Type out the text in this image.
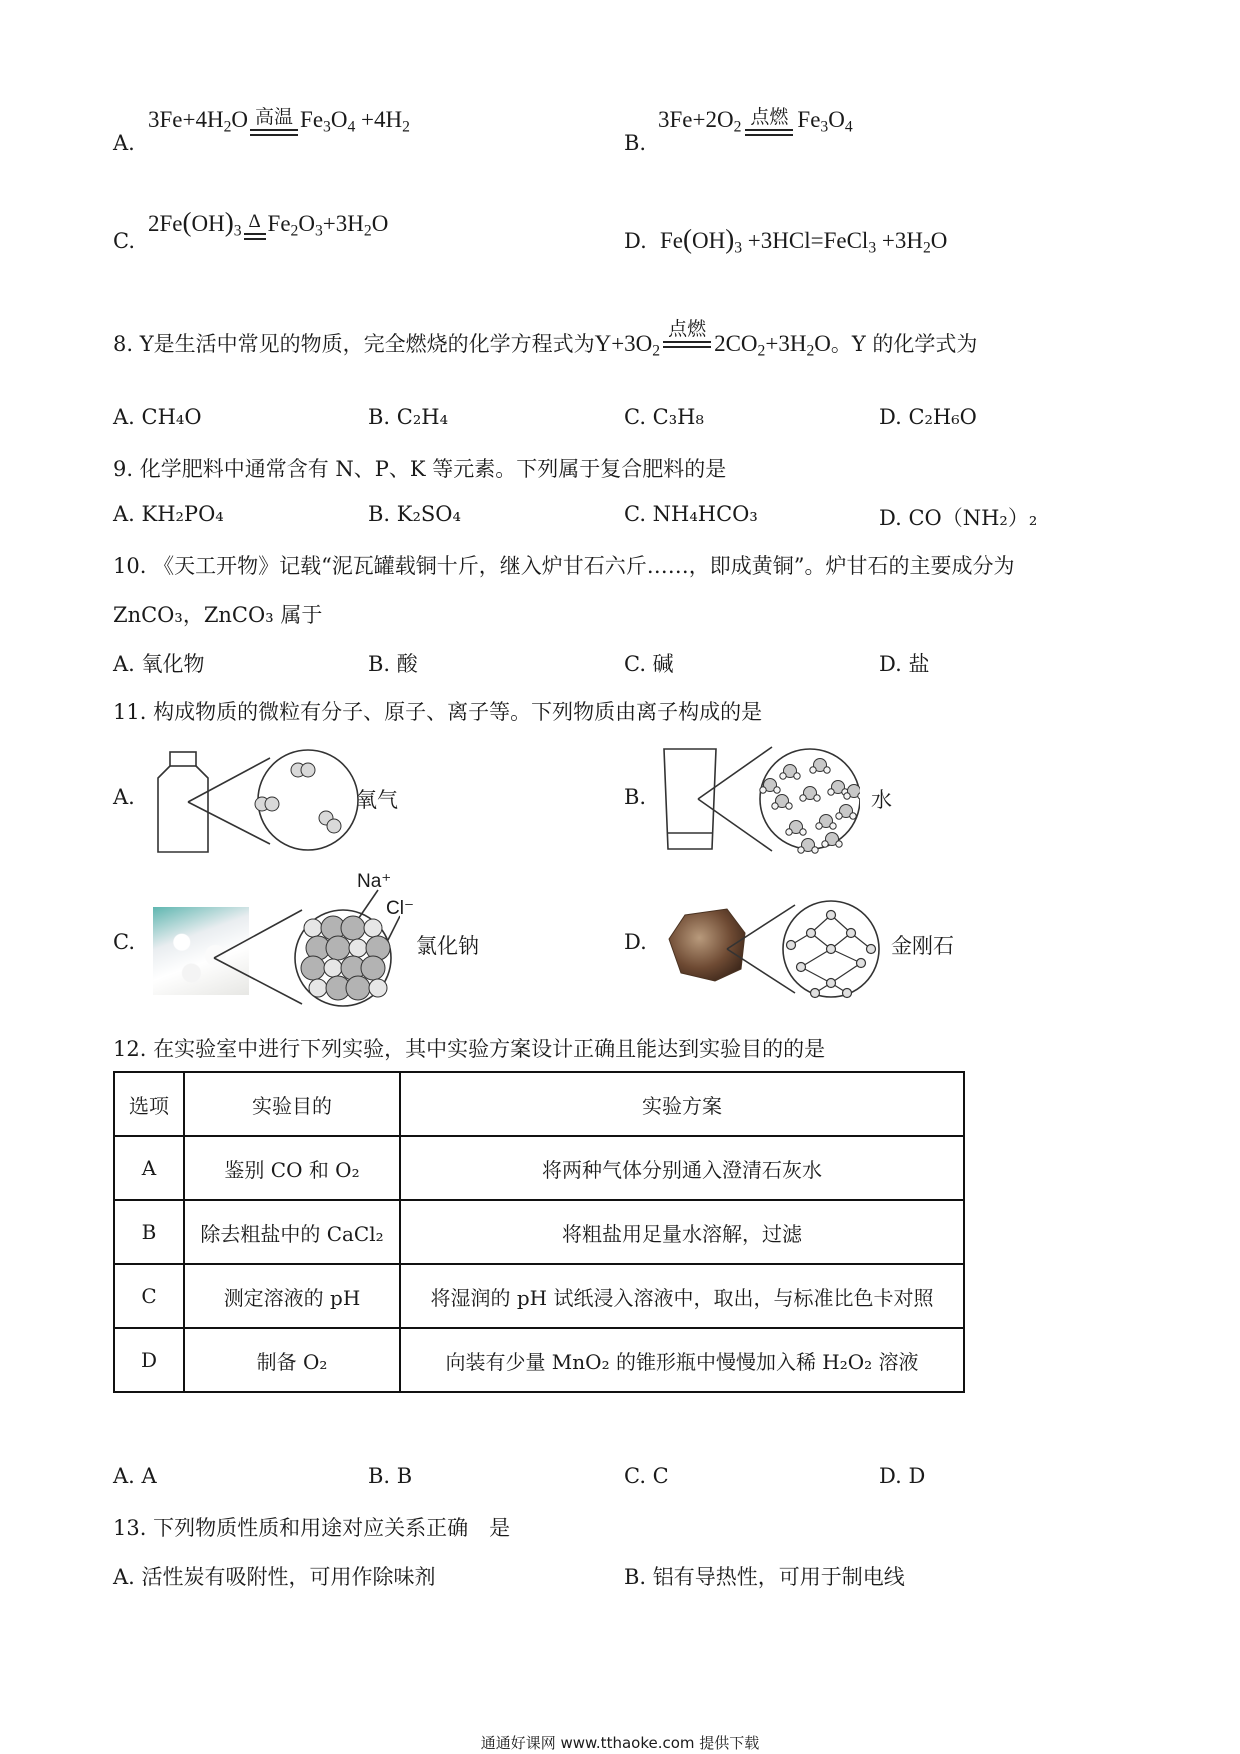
A.
$3Fe+4H_2O$ 高温 $Fe_3O_4 +4H_2$
B.
$3Fe+2O_2$ 点燃 $Fe_3O_4$
C.
$2Fe(OH)_3$ Δ $Fe_2O_3+3H_2O$
D. $Fe(OH)_3$ +3HCl=FeCl$_3$ $+3H_2O$
8. Y是生活中常见的物质，完全燃烧的化学方程式为$Y+3O_2$
点燃
$2CO_2+3H_2O$。Y 的化学式为
A. CH₄O	B. C₂H₄	C. C₃H₈	D. C₂H₆O
9. 化学肥料中通常含有 N、P、K 等元素。下列属于复合肥料的是
A. KH₂PO₄	B. K₂SO₄	C. NH₄HCO₃	D. CO（NH₂）₂
10. 《天工开物》记载“泥瓦罐载铜十斤，继入炉甘石六斤……，即成黄铜”。炉甘石的主要成分为
ZnCO₃，ZnCO₃ 属于
A. 氧化物	B. 酸	C. 碱	D. 盐
11. 构成物质的微粒有分子、原子、离子等。下列物质由离子构成的是
A.	氧气	B.	水
C.
Na⁺
Cl⁻
氯化钠	D.	金刚石
12. 在实验室中进行下列实验，其中实验方案设计正确且能达到实验目的的是
选项	实验目的	实验方案
A	鉴别 CO 和 O₂	将两种气体分别通入澄清石灰水
B	除去粗盐中的 CaCl₂	将粗盐用足量水溶解，过滤
C	测定溶液的 pH	将湿润的 pH 试纸浸入溶液中，取出，与标准比色卡对照
D	制备 O₂	向装有少量 MnO₂ 的锥形瓶中慢慢加入稀 H₂O₂ 溶液
A. A	B. B	C. C	D. D
13. 下列物质性质和用途对应关系正确　是
A. 活性炭有吸附性，可用作除味剂	B. 铝有导热性，可用于制电线
通通好课网 www.tthaoke.com 提供下载
